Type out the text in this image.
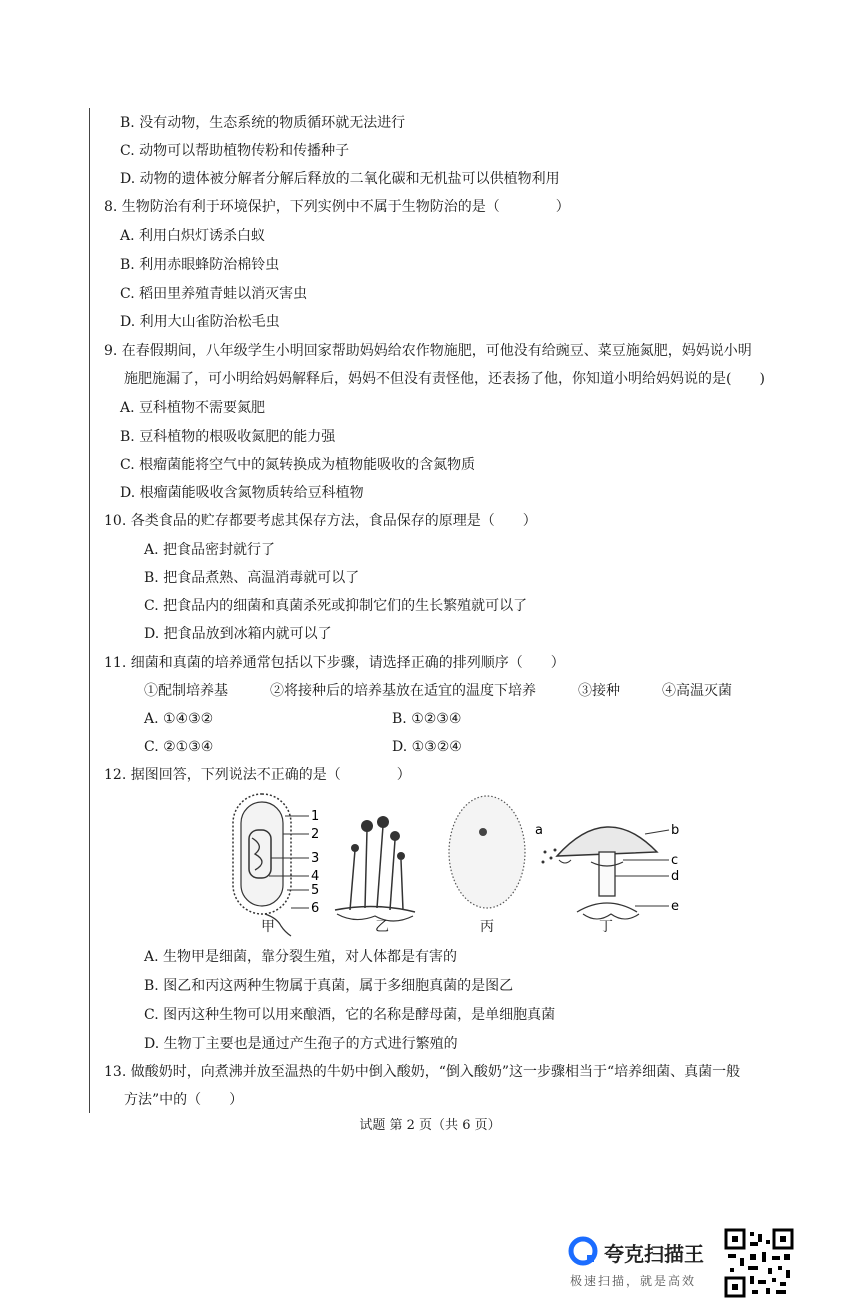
B. 没有动物，生态系统的物质循环就无法进行
C. 动物可以帮助植物传粉和传播种子
D. 动物的遗体被分解者分解后释放的二氧化碳和无机盐可以供植物利用
8. 生物防治有利于环境保护，下列实例中不属于生物防治的是（　　　　）
A. 利用白炽灯诱杀白蚁
B. 利用赤眼蜂防治棉铃虫
C. 稻田里养殖青蛙以消灭害虫
D. 利用大山雀防治松毛虫
9. 在春假期间，八年级学生小明回家帮助妈妈给农作物施肥，可他没有给豌豆、菜豆施氮肥，妈妈说小明
施肥施漏了，可小明给妈妈解释后，妈妈不但没有责怪他，还表扬了他，你知道小明给妈妈说的是(　　)
A. 豆科植物不需要氮肥
B. 豆科植物的根吸收氮肥的能力强
C. 根瘤菌能将空气中的氮转换成为植物能吸收的含氮物质
D. 根瘤菌能吸收含氮物质转给豆科植物
10. 各类食品的贮存都要考虑其保存方法，食品保存的原理是（　　）
A. 把食品密封就行了
B. 把食品煮熟、高温消毒就可以了
C. 把食品内的细菌和真菌杀死或抑制它们的生长繁殖就可以了
D. 把食品放到冰箱内就可以了
11. 细菌和真菌的培养通常包括以下步骤，请选择正确的排列顺序（　　）
①配制培养基　　　②将接种后的培养基放在适宜的温度下培养　　　③接种　　　④高温灭菌
A. ①④③②	B. ①②③④
C. ②①③④	D. ①③②④
12. 据图回答，下列说法不正确的是（　　　　）
1
2
3
4
5
6
a	b
c
d
e
甲	乙	丙	丁
A. 生物甲是细菌，靠分裂生殖，对人体都是有害的
B. 图乙和丙这两种生物属于真菌，属于多细胞真菌的是图乙
C. 图丙这种生物可以用来酿酒，它的名称是酵母菌，是单细胞真菌
D. 生物丁主要也是通过产生孢子的方式进行繁殖的
13. 做酸奶时，向煮沸并放至温热的牛奶中倒入酸奶，“倒入酸奶”这一步骤相当于“培养细菌、真菌一般
方法”中的（　　）
试题 第 2 页（共 6 页）
夸克扫描王
极速扫描，就是高效
